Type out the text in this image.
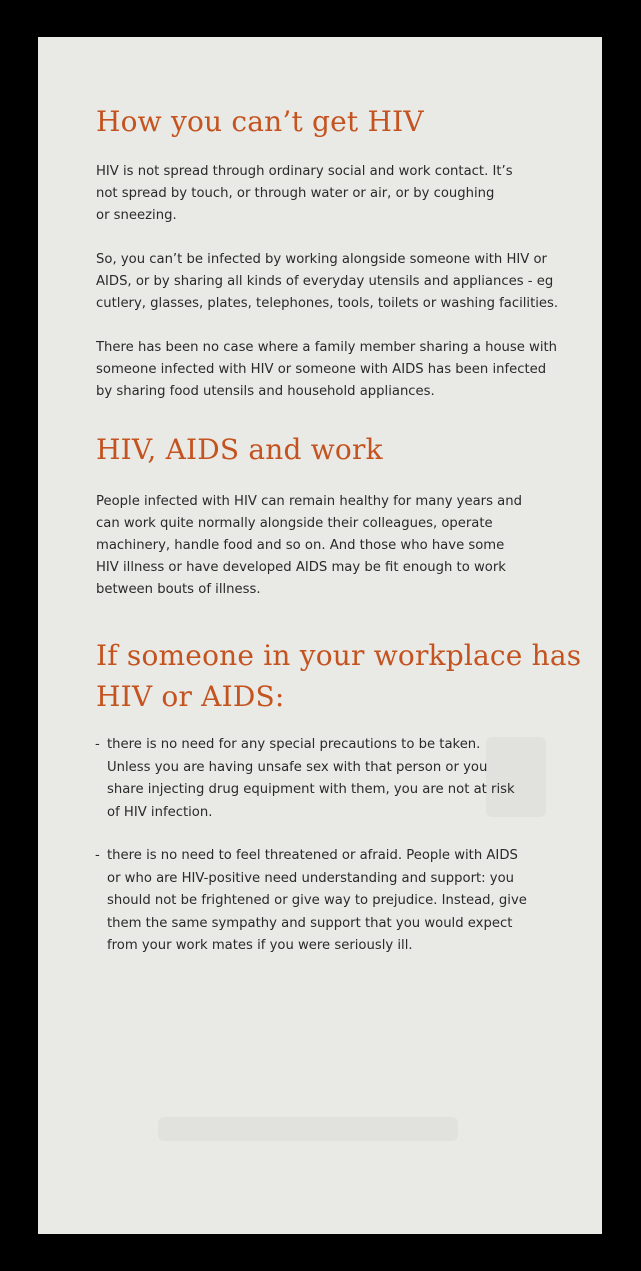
How you can’t get HIV

HIV is not spread through ordinary social and work contact. It’s
not spread by touch, or through water or air, or by coughing
or sneezing.

So, you can’t be infected by working alongside someone with HIV or
AIDS, or by sharing all kinds of everyday utensils and appliances - eg
cutlery, glasses, plates, telephones, tools, toilets or washing facilities.

There has been no case where a family member sharing a house with
someone infected with HIV or someone with AIDS has been infected
by sharing food utensils and household appliances.

HIV, AIDS and work

People infected with HIV can remain healthy for many years and
can work quite normally alongside their colleagues, operate
machinery, handle food and so on. And those who have some
HIV illness or have developed AIDS may be fit enough to work
between bouts of illness.

If someone in your workplace has
HIV or AIDS:
- there is no need for any special precautions to be taken.
Unless you are having unsafe sex with that person or you
share injecting drug equipment with them, you are not at risk
of HIV infection.
- there is no need to feel threatened or afraid. People with AIDS
or who are HIV-positive need understanding and support: you
should not be frightened or give way to prejudice. Instead, give
them the same sympathy and support that you would expect
from your work mates if you were seriously ill.
